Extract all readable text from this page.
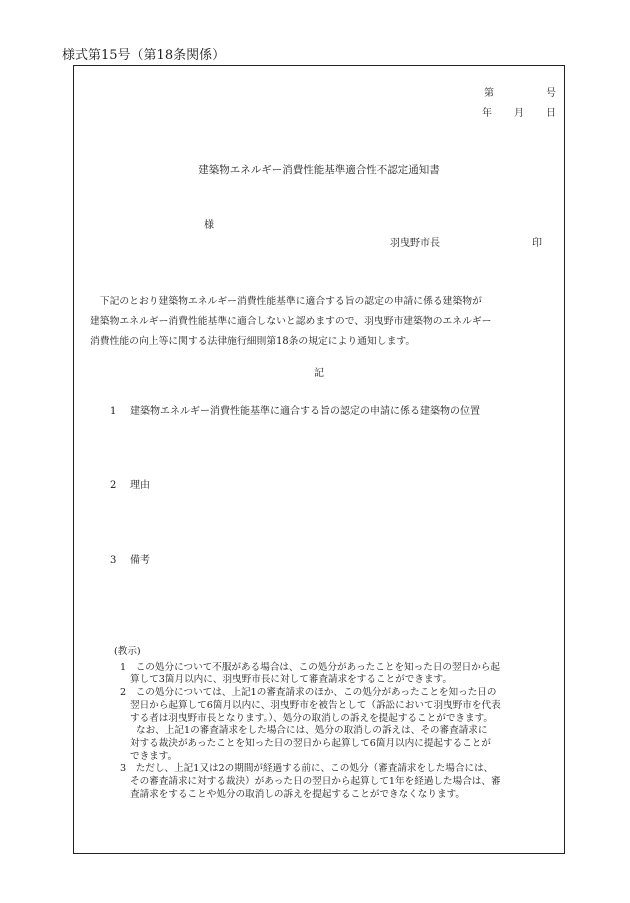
様式第15号（第18条関係）
第	号
年 月 日
建築物エネルギー消費性能基準適合性不認定通知書
様
羽曳野市長	印

　下記のとおり建築物エネルギー消費性能基準に適合する旨の認定の申請に係る建築物が

建築物エネルギー消費性能基準に適合しないと認めますので、羽曳野市建築物のエネルギー

消費性能の向上等に関する法律施行細則第18条の規定により通知します。

記
1 建築物エネルギー消費性能基準に適合する旨の認定の申請に係る建築物の位置
2 理由
3 備考
(教示)
1　この処分について不服がある場合は、この処分があったことを知った日の翌日から起
算して3箇月以内に、羽曳野市長に対して審査請求をすることができます。
2　この処分については、上記1の審査請求のほか、この処分があったことを知った日の
翌日から起算して6箇月以内に、羽曳野市を被告として（訴訟において羽曳野市を代表
する者は羽曳野市長となります。）、処分の取消しの訴えを提起することができます。
なお、上記1の審査請求をした場合には、処分の取消しの訴えは、その審査請求に
対する裁決があったことを知った日の翌日から起算して6箇月以内に提起することが
できます。
3　ただし、上記1又は2の期間が経過する前に、この処分（審査請求をした場合には、
その審査請求に対する裁決）があった日の翌日から起算して1年を経過した場合は、審
査請求をすることや処分の取消しの訴えを提起することができなくなります。
